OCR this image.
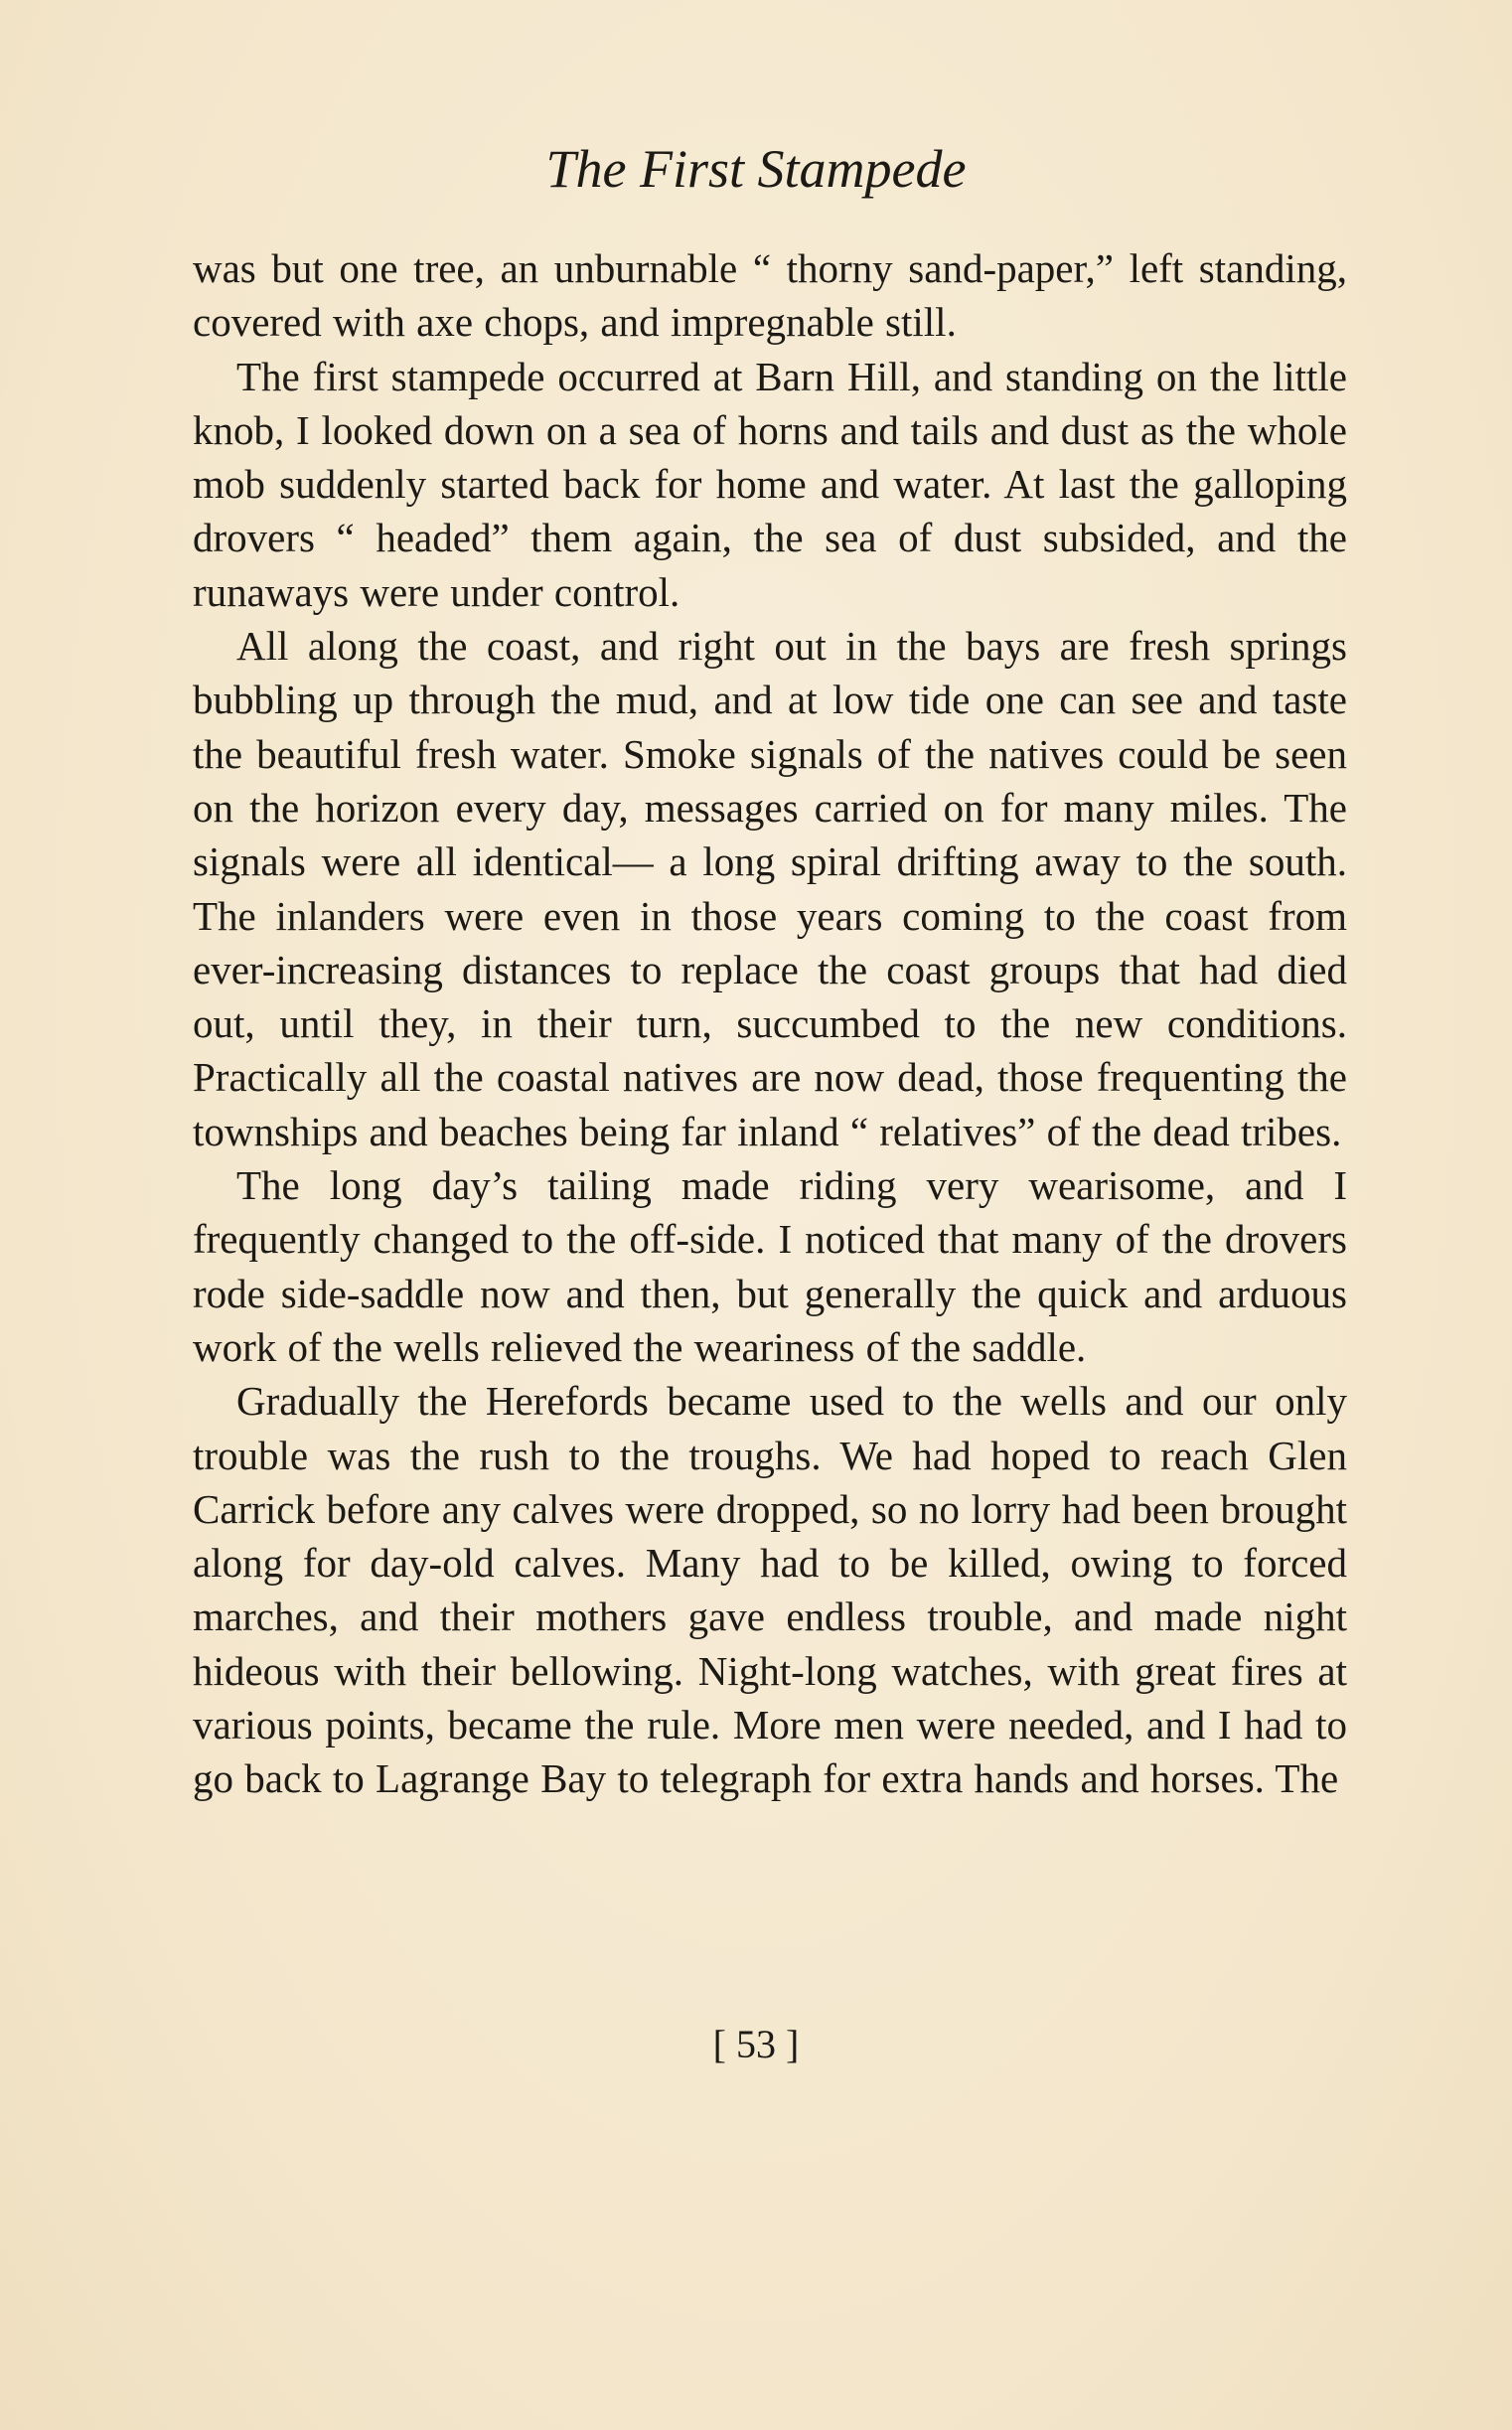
The First Stampede

was but one tree, an unburnable “ thorny sand-paper,” left standing, covered with axe chops, and impregnable still.

The first stampede occurred at Barn Hill, and standing on the little knob, I looked down on a sea of horns and tails and dust as the whole mob suddenly started back for home and water. At last the galloping drovers “ headed” them again, the sea of dust subsided, and the runaways were under control.

All along the coast, and right out in the bays are fresh springs bubbling up through the mud, and at low tide one can see and taste the beautiful fresh water. Smoke signals of the natives could be seen on the horizon every day, messages carried on for many miles. The signals were all identical— a long spiral drifting away to the south. The inlanders were even in those years coming to the coast from ever-increasing distances to replace the coast groups that had died out, until they, in their turn, succumbed to the new conditions. Practically all the coastal natives are now dead, those frequenting the townships and beaches being far inland “ relatives” of the dead tribes.

The long day’s tailing made riding very wearisome, and I frequently changed to the off-side. I noticed that many of the drovers rode side-saddle now and then, but generally the quick and arduous work of the wells relieved the weariness of the saddle.

Gradually the Herefords became used to the wells and our only trouble was the rush to the troughs. We had hoped to reach Glen Carrick before any calves were dropped, so no lorry had been brought along for day-old calves. Many had to be killed, owing to forced marches, and their mothers gave endless trouble, and made night hideous with their bellowing. Night-long watches, with great fires at various points, became the rule. More men were needed, and I had to go back to Lagrange Bay to telegraph for extra hands and horses. The

[ 53 ]
